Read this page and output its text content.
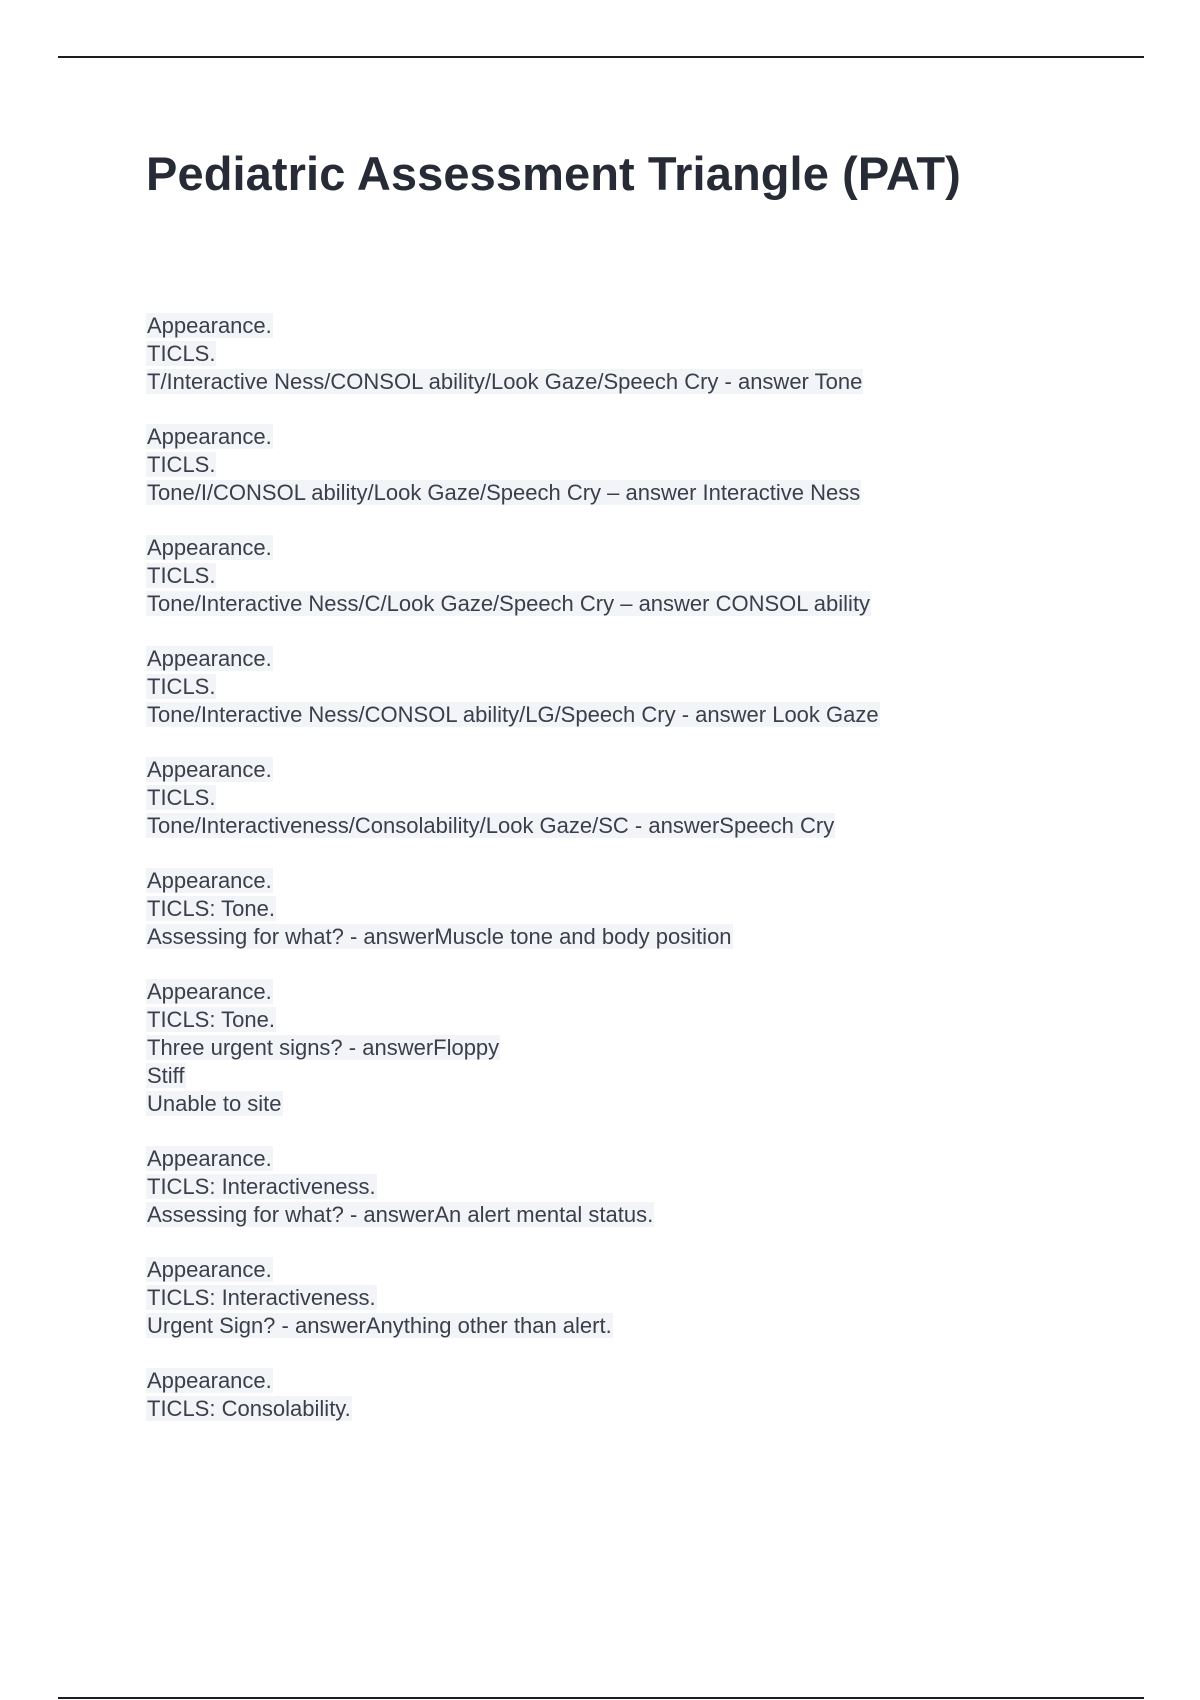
Pediatric Assessment Triangle (PAT)
Appearance.
TICLS.
T/Interactive Ness/CONSOL ability/Look Gaze/Speech Cry - answer Tone
Appearance.
TICLS.
Tone/I/CONSOL ability/Look Gaze/Speech Cry – answer Interactive Ness
Appearance.
TICLS.
Tone/Interactive Ness/C/Look Gaze/Speech Cry – answer CONSOL ability
Appearance.
TICLS.
Tone/Interactive Ness/CONSOL ability/LG/Speech Cry - answer Look Gaze
Appearance.
TICLS.
Tone/Interactiveness/Consolability/Look Gaze/SC - answerSpeech Cry
Appearance.
TICLS: Tone.
Assessing for what? - answerMuscle tone and body position
Appearance.
TICLS: Tone.
Three urgent signs? - answerFloppy
Stiff
Unable to site
Appearance.
TICLS: Interactiveness.
Assessing for what? - answerAn alert mental status.
Appearance.
TICLS: Interactiveness.
Urgent Sign? - answerAnything other than alert.
Appearance.
TICLS: Consolability.
